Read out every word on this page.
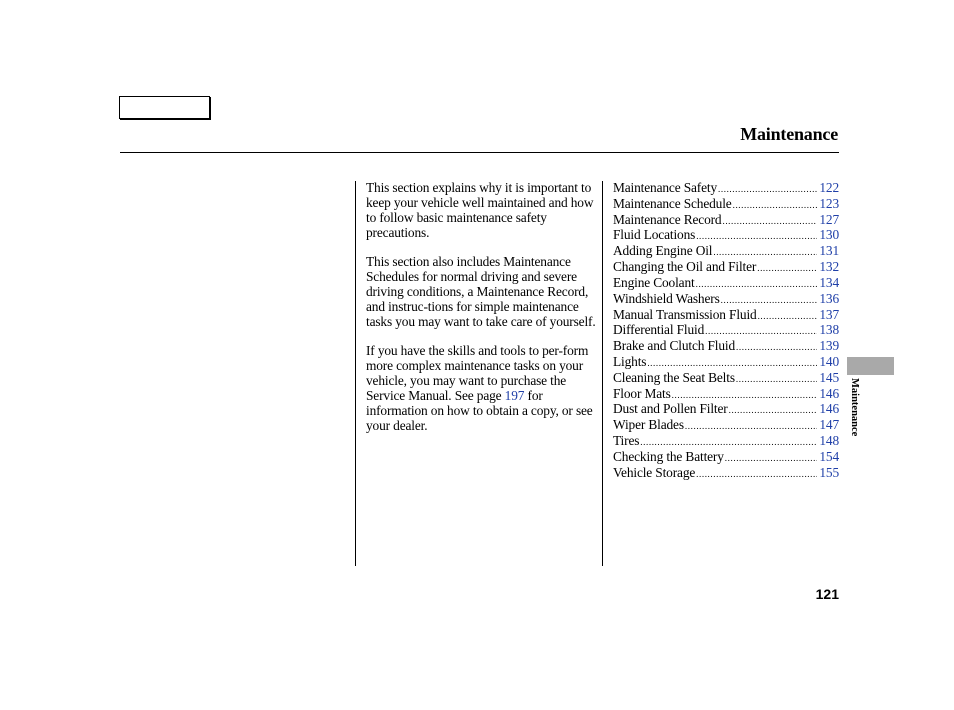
Maintenance

This section explains why it is important to keep your vehicle well maintained and how to follow basic maintenance safety precautions.

This section also includes Maintenance Schedules for normal driving and severe driving conditions, a Maintenance Record, and instruc-tions for simple maintenance tasks you may want to take care of yourself.

If you have the skills and tools to per-form more complex maintenance tasks on your vehicle, you may want to purchase the Service Manual. See page 197 for information on how to obtain a copy, or see your dealer.

Maintenance Safety .....	122
Maintenance Schedule .....	123
Maintenance Record .....	127
Fluid Locations .....	130
Adding Engine Oil .....	131
Changing the Oil and Filter .....	132
Engine Coolant .....	134
Windshield Washers .....	136
Manual Transmission Fluid .....	137
Differential Fluid .....	138
Brake and Clutch Fluid .....	139
Lights .....	140
Cleaning the Seat Belts .....	145
Floor Mats .....	146
Dust and Pollen Filter .....	146
Wiper Blades .....	147
Tires .....	148
Checking the Battery .....	154
Vehicle Storage .....	155
Maintenance
121
